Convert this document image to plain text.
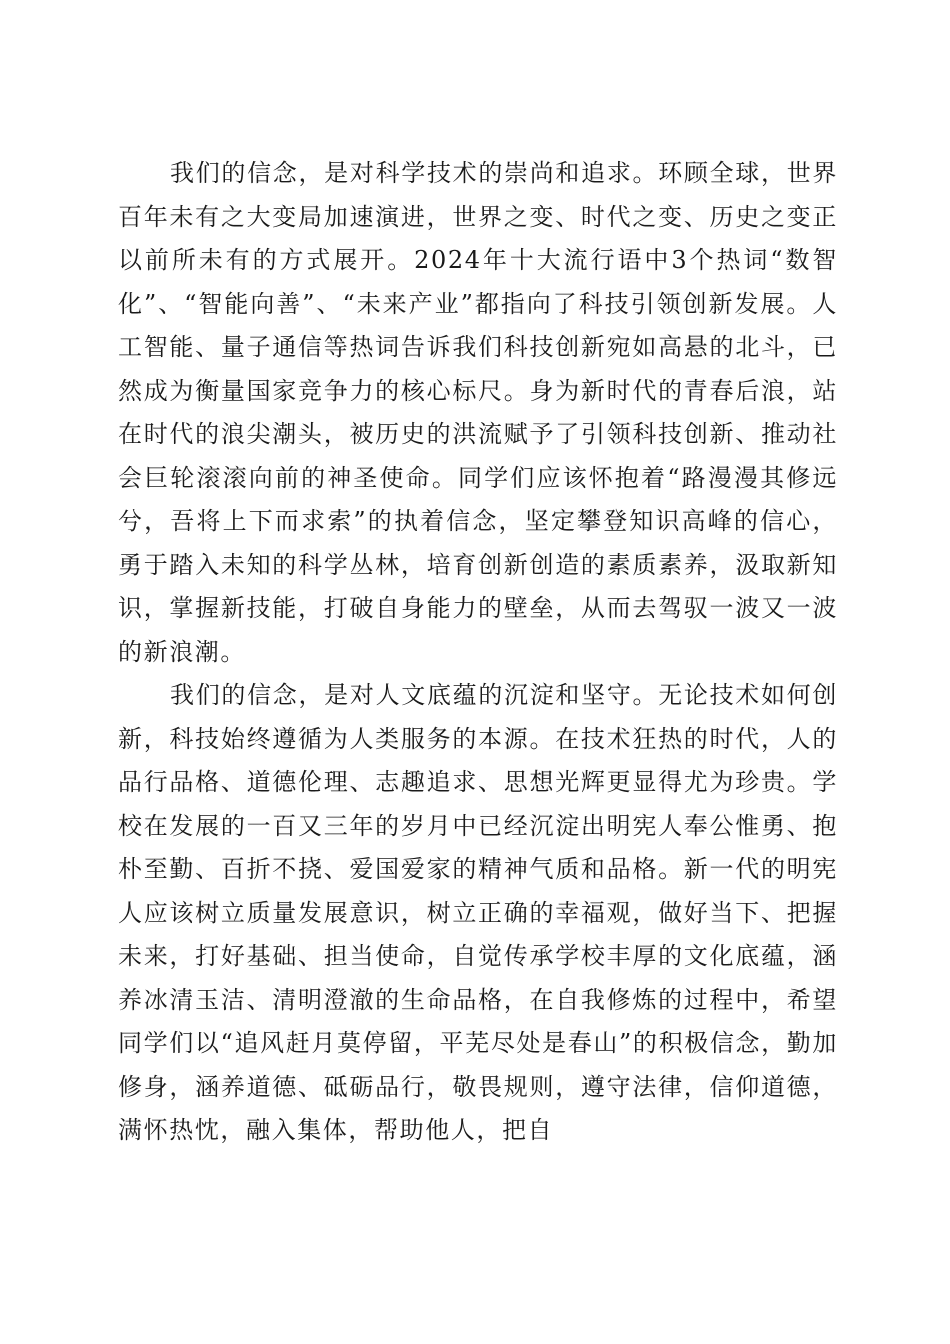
我们的信念，是对科学技术的崇尚和追求。环顾全球，世界百年未有之大变局加速演进，世界之变、时代之变、历史之变正以前所未有的方式展开。2024年十大流行语中3个热词“数智化”、“智能向善”、“未来产业”都指向了科技引领创新发展。人工智能、量子通信等热词告诉我们科技创新宛如高悬的北斗，已然成为衡量国家竞争力的核心标尺。身为新时代的青春后浪，站在时代的浪尖潮头，被历史的洪流赋予了引领科技创新、推动社会巨轮滚滚向前的神圣使命。同学们应该怀抱着“路漫漫其修远兮，吾将上下而求索”的执着信念，坚定攀登知识高峰的信心，勇于踏入未知的科学丛林，培育创新创造的素质素养，汲取新知识，掌握新技能，打破自身能力的壁垒，从而去驾驭一波又一波的新浪潮。

我们的信念，是对人文底蕴的沉淀和坚守。无论技术如何创新，科技始终遵循为人类服务的本源。在技术狂热的时代，人的品行品格、道德伦理、志趣追求、思想光辉更显得尤为珍贵。学校在发展的一百又三年的岁月中已经沉淀出明宪人奉公惟勇、抱朴至勤、百折不挠、爱国爱家的精神气质和品格。新一代的明宪人应该树立质量发展意识，树立正确的幸福观，做好当下、把握未来，打好基础、担当使命，自觉传承学校丰厚的文化底蕴，涵养冰清玉洁、清明澄澈的生命品格，在自我修炼的过程中，希望同学们以“追风赶月莫停留，平芜尽处是春山”的积极信念，勤加修身，涵养道德、砥砺品行，敬畏规则，遵守法律，信仰道德，满怀热忱，融入集体，帮助他人，把自
